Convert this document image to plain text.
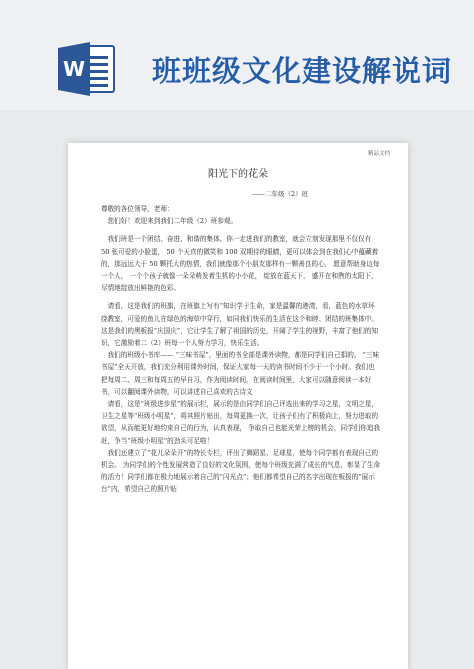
W 班班级文化建设解说词
精品文档
阳光下的花朵
——二年级（2）班

尊敬的各位领导，老师：

您们好！欢迎来到我们二年级（2）班参观。

我们班是一个团结、奋进、和谐的集体。你一走进我们的教室，就会立刻发现那里不仅仅有 50 张可爱的小脸蛋， 50 个天真的微笑和 100 双期待的眼睛，更可以体会到在我们心中蕴藏着的，那远远大于 50 颗托大的热情，我们就像那个小朋友那样有一颗善良的心， 愿意帮助身边每一个人， 一个个孩子就像一朵朵萌发着生机的小小花， 绽放在蓝天下， 盛开在和煦的太阳下， 尽情地绽放出鲜艳的色彩。

请看，这是我们的班旗，在班旗上写有“知识学于生命，家是温馨的港湾，看，蓝色的水草环绕教室，可爱的鱼儿在绿色的海草中穿行，如同我们快乐的生活在这个和睦、团结的班集体中。 这是我们的黑板报“庆国庆”，它让学生了解了祖国的历史，开阔了学生的视野，丰富了他们的知识，它激励着二（2）班每一个人努力学习，快乐生活。

我们的班级小书库—— “三味书屋”，里面的书全部是课外读物，都是同学们自己捐的。 “三味书屋”全天开放，我们充分利用课外时间，保证大家每一天的读书时间不少于一个小时。我们也把每周二、周三和每周五的早自习，作为阅读时间，在阅读时间里，大家可以随意阅读一本好书，可以翻阅课外读物，可以讲述自己喜欢的古诗文

请看，这是“班级进步星”的展示栏，展示的是由同学们自己评选出来的学习之星，文明之星，卫生之星等“班级小明星”，将其照片贴出，每周更换一次，让孩子们有了积极向上，努力进取的欲望，从而能更好地约束自己的行为，认真表现， 争取自己也能光荣上榜的机会，同学们你追我赶，争当“班级小明星”的劲头可足啦！

我们还建立了“花儿朵朵开”的特长专栏，评出了舞蹈星、足球星，使每个同学都有表现自己的机会。 为同学们的个性发展营造了良好的文化氛围，使每个班级充满了成长的气息，彰显了生命的活力！同学们都在极力地展示着自己的“闪光点”；他们都希望自己的名字出现在板报的“展示台”内，希望自己的照片贴
